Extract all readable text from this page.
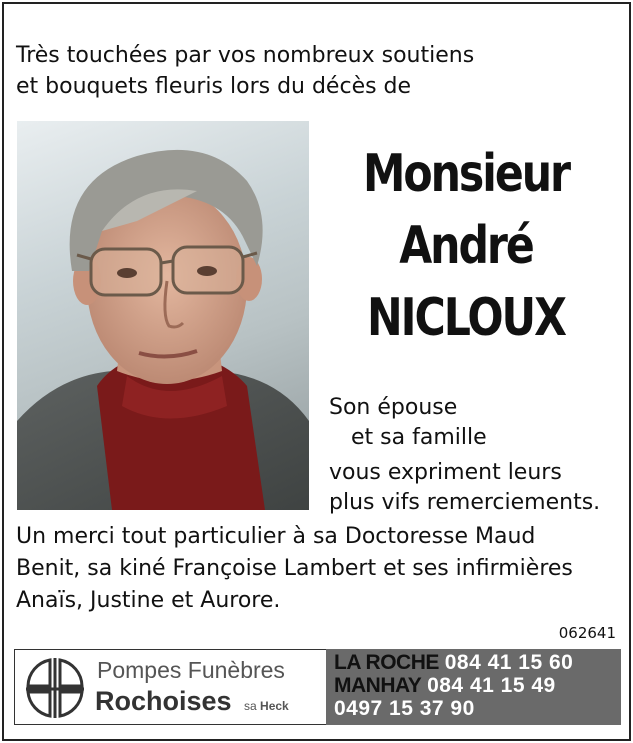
Très touchées par vos nombreux soutiens
et bouquets fleuris lors du décès de
Monsieur
André
NICLOUX
Son épouse
et sa famille
vous expriment leurs
plus vifs remerciements.
Un merci tout particulier à sa Doctoresse Maud
Benit, sa kiné Françoise Lambert et ses infirmières
Anaïs, Justine et Aurore.
062641
Pompes Funèbres
Rochoises sa Heck
LA ROCHE 084 41 15 60
MANHAY 084 41 15 49
0497 15 37 90
